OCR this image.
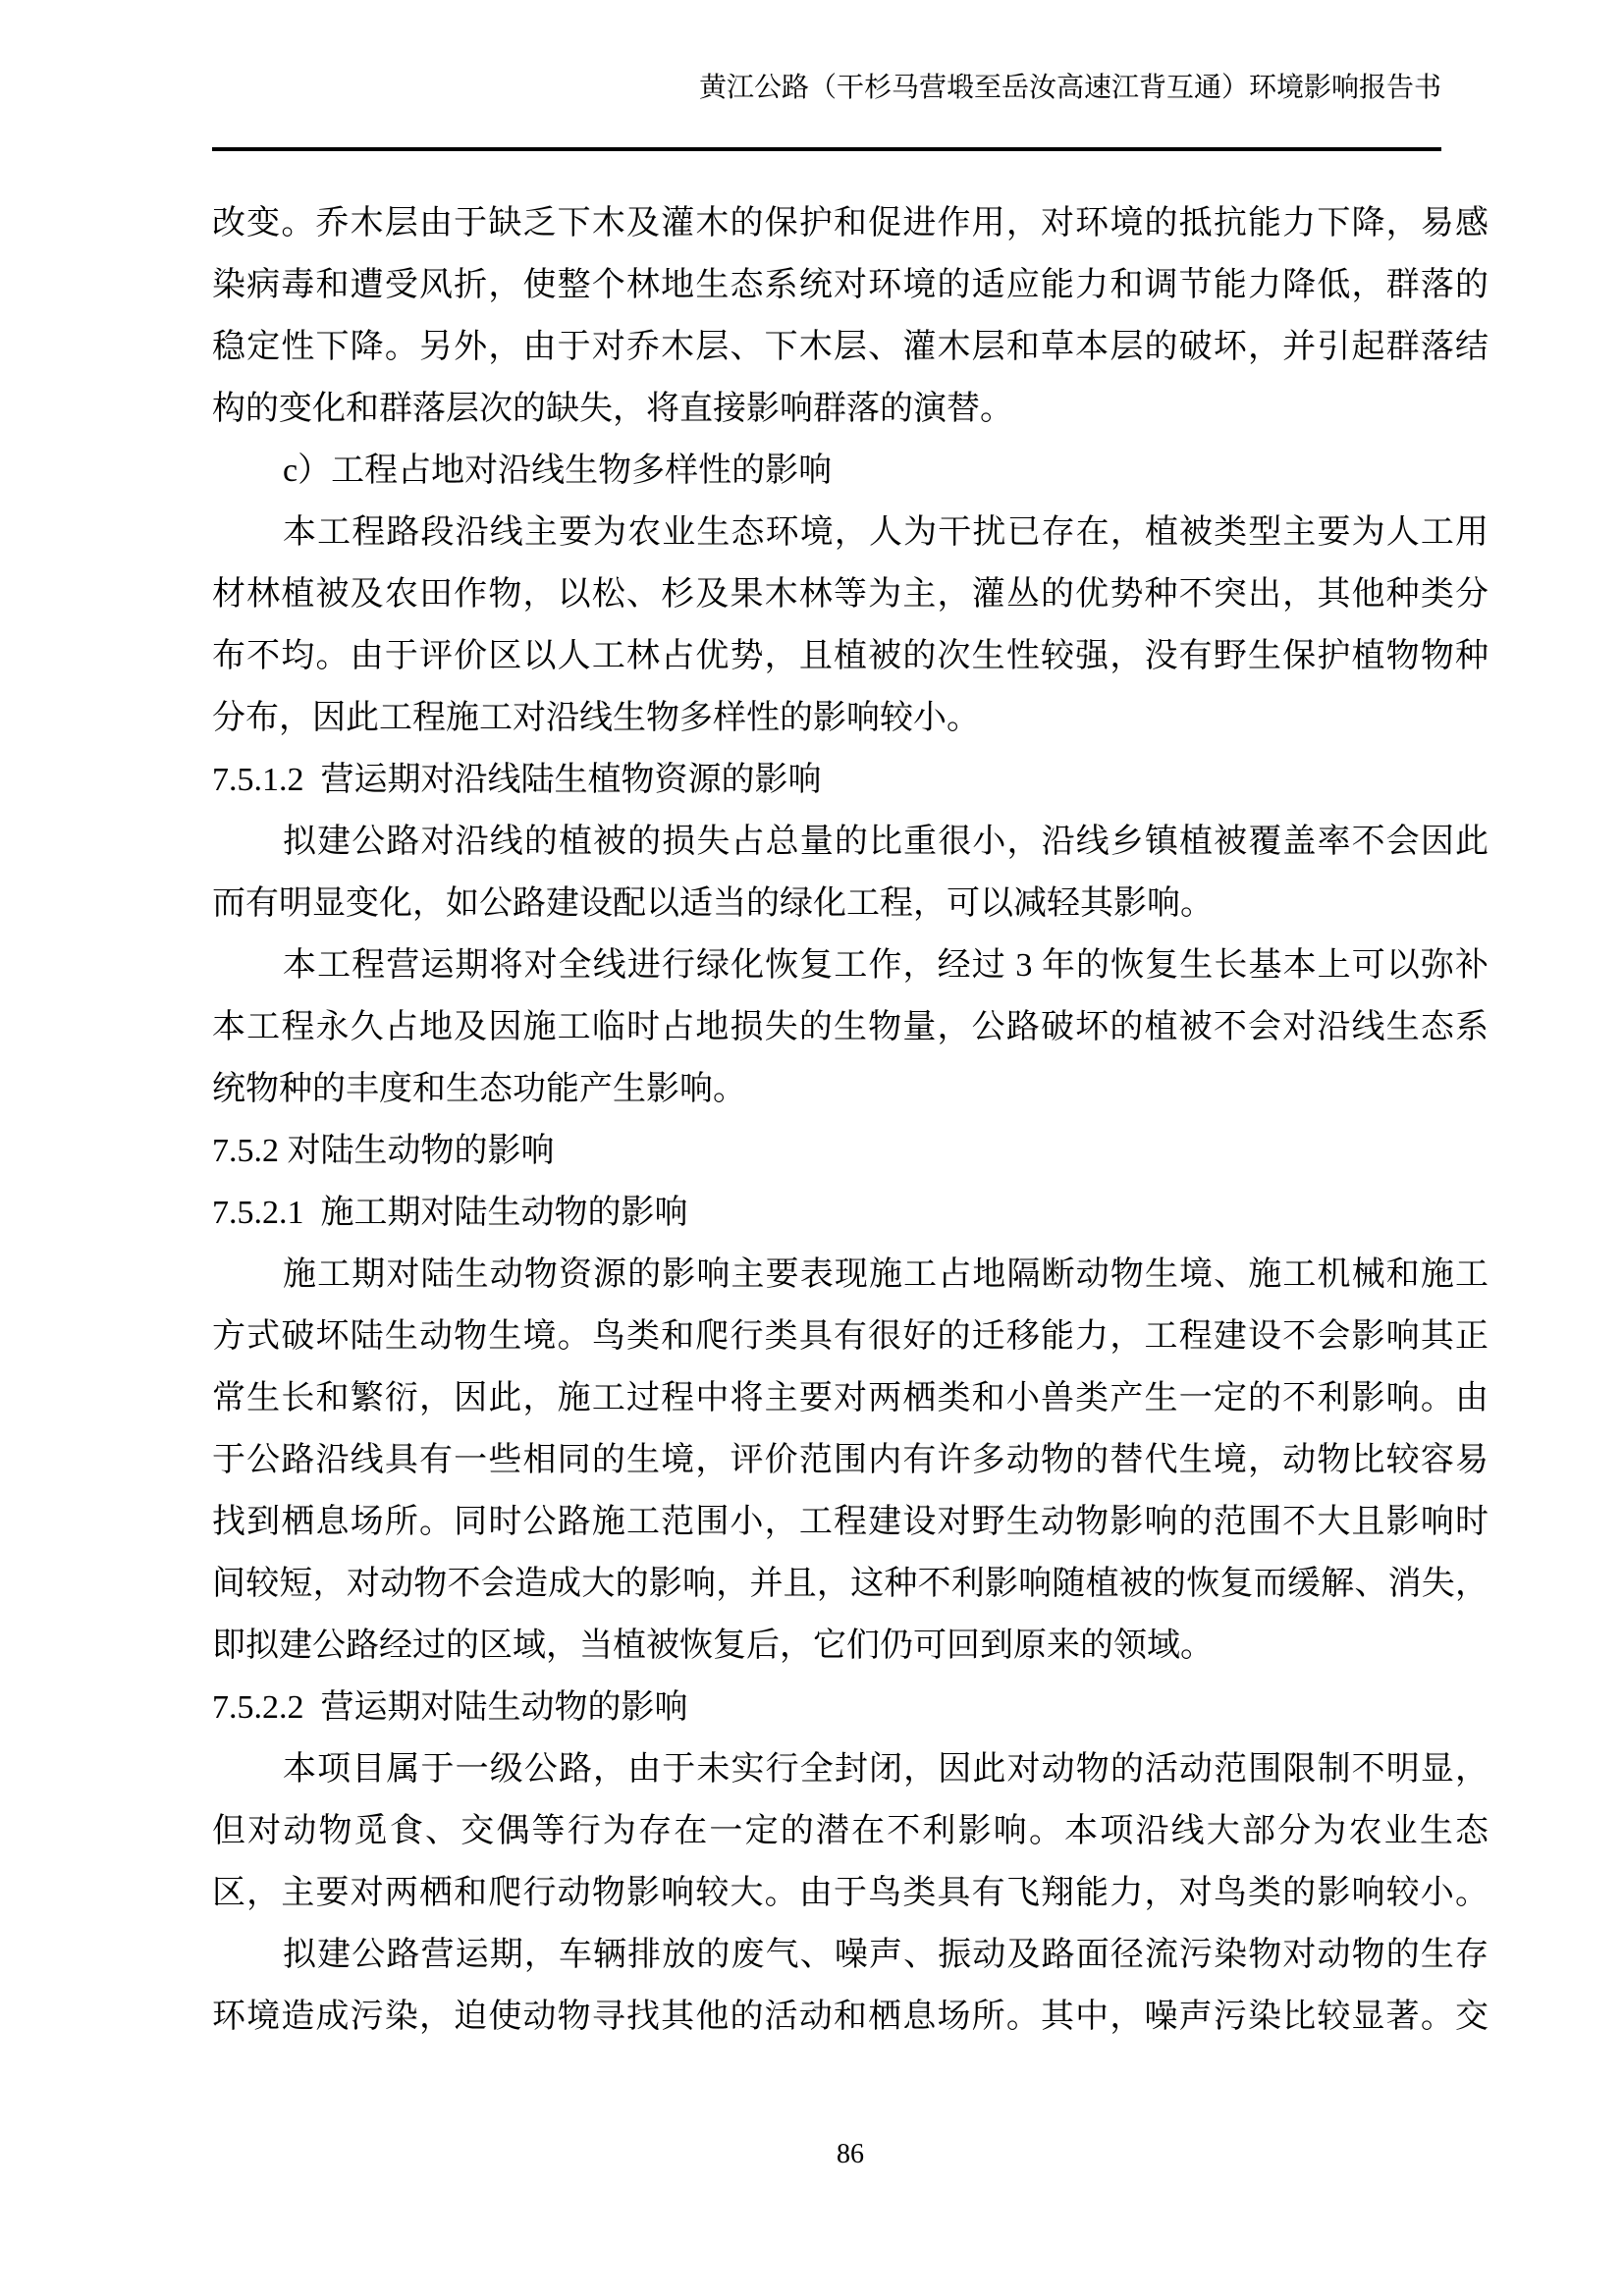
黄江公路（干杉马营塅至岳汝高速江背互通）环境影响报告书
改变。乔木层由于缺乏下木及灌木的保护和促进作用，对环境的抵抗能力下降，易感
染病毒和遭受风折，使整个林地生态系统对环境的适应能力和调节能力降低，群落的
稳定性下降。另外，由于对乔木层、下木层、灌木层和草本层的破坏，并引起群落结
构的变化和群落层次的缺失，将直接影响群落的演替。
c）工程占地对沿线生物多样性的影响
本工程路段沿线主要为农业生态环境，人为干扰已存在，植被类型主要为人工用
材林植被及农田作物，以松、杉及果木林等为主，灌丛的优势种不突出，其他种类分
布不均。由于评价区以人工林占优势，且植被的次生性较强，没有野生保护植物物种
分布，因此工程施工对沿线生物多样性的影响较小。
7.5.1.2  营运期对沿线陆生植物资源的影响
拟建公路对沿线的植被的损失占总量的比重很小，沿线乡镇植被覆盖率不会因此
而有明显变化，如公路建设配以适当的绿化工程，可以减轻其影响。
本工程营运期将对全线进行绿化恢复工作，经过 3 年的恢复生长基本上可以弥补
本工程永久占地及因施工临时占地损失的生物量，公路破坏的植被不会对沿线生态系
统物种的丰度和生态功能产生影响。
7.5.2 对陆生动物的影响
7.5.2.1  施工期对陆生动物的影响
施工期对陆生动物资源的影响主要表现施工占地隔断动物生境、施工机械和施工
方式破坏陆生动物生境。鸟类和爬行类具有很好的迁移能力，工程建设不会影响其正
常生长和繁衍，因此，施工过程中将主要对两栖类和小兽类产生一定的不利影响。由
于公路沿线具有一些相同的生境，评价范围内有许多动物的替代生境，动物比较容易
找到栖息场所。同时公路施工范围小，工程建设对野生动物影响的范围不大且影响时
间较短，对动物不会造成大的影响，并且，这种不利影响随植被的恢复而缓解、消失，
即拟建公路经过的区域，当植被恢复后，它们仍可回到原来的领域。
7.5.2.2  营运期对陆生动物的影响
本项目属于一级公路，由于未实行全封闭，因此对动物的活动范围限制不明显，
但对动物觅食、交偶等行为存在一定的潜在不利影响。本项沿线大部分为农业生态
区，主要对两栖和爬行动物影响较大。由于鸟类具有飞翔能力，对鸟类的影响较小。
拟建公路营运期，车辆排放的废气、噪声、振动及路面径流污染物对动物的生存
环境造成污染，迫使动物寻找其他的活动和栖息场所。其中，噪声污染比较显著。交
86
